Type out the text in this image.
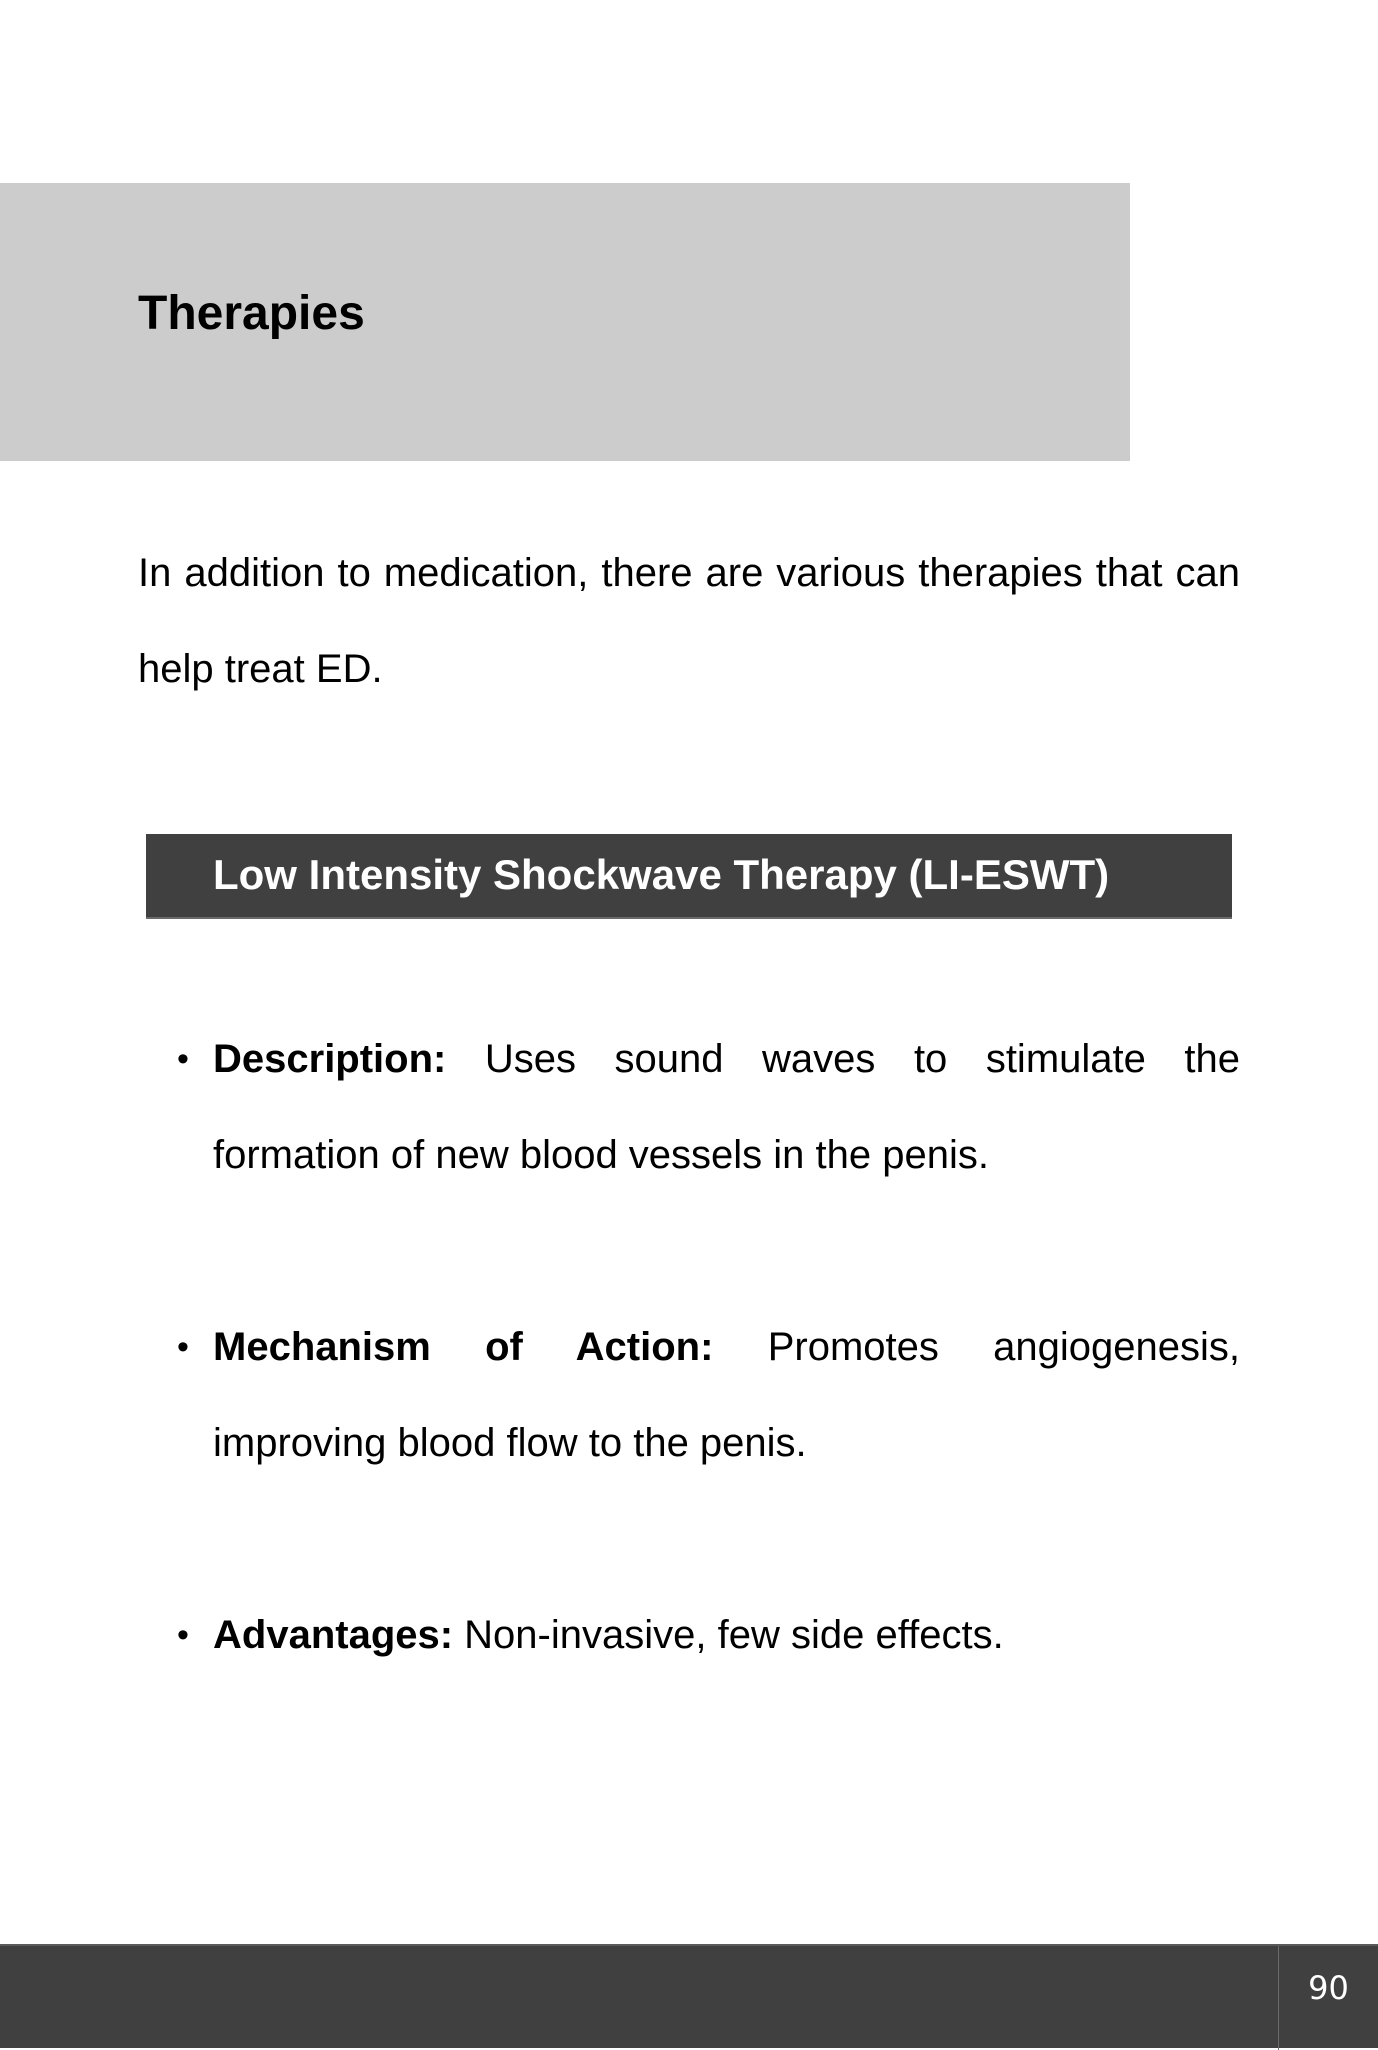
Therapies

In addition to medication, there are various therapies that can help treat ED.

Low Intensity Shockwave Therapy (LI-ESWT)
• Description: Uses sound waves to stimulate the formation of new blood vessels in the penis.
• Mechanism of Action: Promotes angiogenesis, improving blood flow to the penis.
• Advantages: Non-invasive, few side effects.
90
